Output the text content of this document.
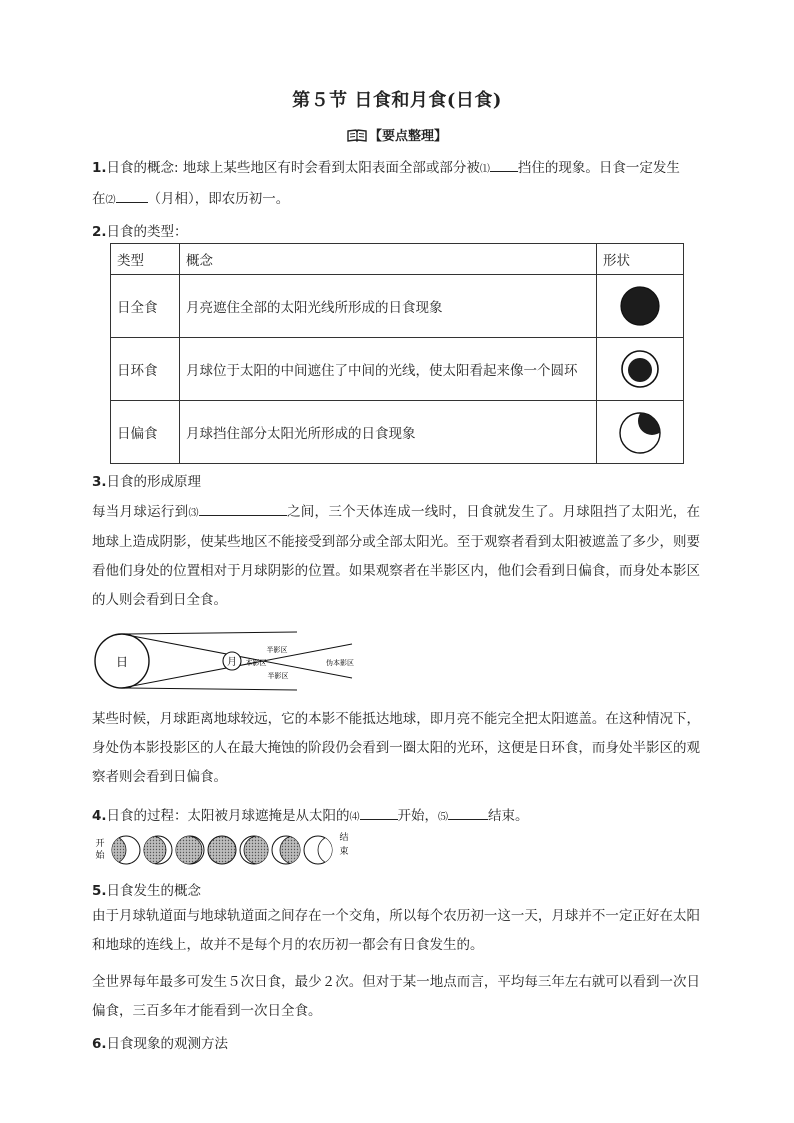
第５节 日食和月食(日食)
【要点整理】
1.日食的概念: 地球上某些地区有时会看到太阳表面全部或部分被⑴ 挡住的现象。日食一定发生
在⑵ （月相），即农历初一。
2.日食的类型：
类型	概念	形状
日全食	月亮遮住全部的太阳光线所形成的日食现象	

日环食	月球位于太阳的中间遮住了中间的光线，使太阳看起来像一个圆环	

日偏食	月球挡住部分太阳光所形成的日食现象	
3.日食的形成原理
每当月球运行到⑶	之间，三个天体连成一线时，日食就发生了。月球阻挡了太阳光，在地球上造成阴影，使某些地区不能接受到部分或全部太阳光。至于观察者看到太阳被遮盖了多少，则要看他们身处的位置相对于月球阴影的位置。如果观察者在半影区内，他们会看到日偏食，而身处本影区的人则会看到日全食。
日	月
半影区
本影区
半影区
伪本影区
某些时候，月球距离地球较远，它的本影不能抵达地球，即月亮不能完全把太阳遮盖。在这种情况下，身处伪本影投影区的人在最大掩蚀的阶段仍会看到一圈太阳的光环，这便是日环食，而身处半影区的观察者则会看到日偏食。
4.日食的过程：太阳被月球遮掩是从太阳的⑷	开始，⑸	结束。
开
始
结
束
5.日食发生的概念
由于月球轨道面与地球轨道面之间存在一个交角，所以每个农历初一这一天，月球并不一定正好在太阳和地球的连线上，故并不是每个月的农历初一都会有日食发生的。
全世界每年最多可发生５次日食，最少２次。但对于某一地点而言，平均每三年左右就可以看到一次日偏食，三百多年才能看到一次日全食。
6.日食现象的观测方法
